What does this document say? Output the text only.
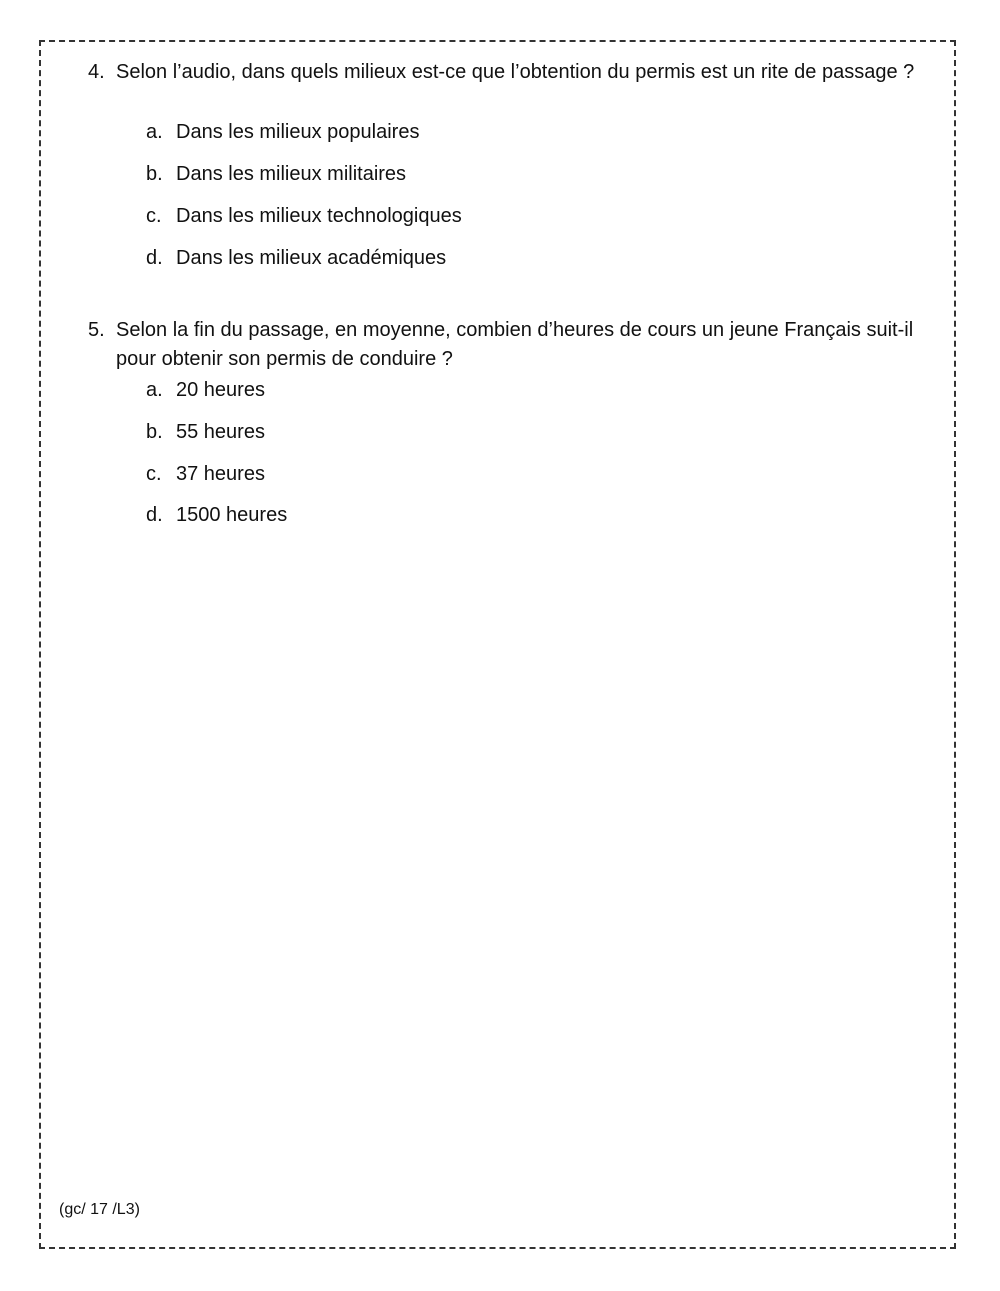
4. Selon l’audio, dans quels milieux est-ce que l’obtention du permis est un rite de passage ?
a. Dans les milieux populaires
b. Dans les milieux militaires
c. Dans les milieux technologiques
d. Dans les milieux académiques
5. Selon la fin du passage, en moyenne, combien d’heures de cours un jeune Français suit-il pour obtenir son permis de conduire ?
a. 20 heures
b. 55 heures
c. 37 heures
d. 1500 heures
(gc/ 17 /L3)
